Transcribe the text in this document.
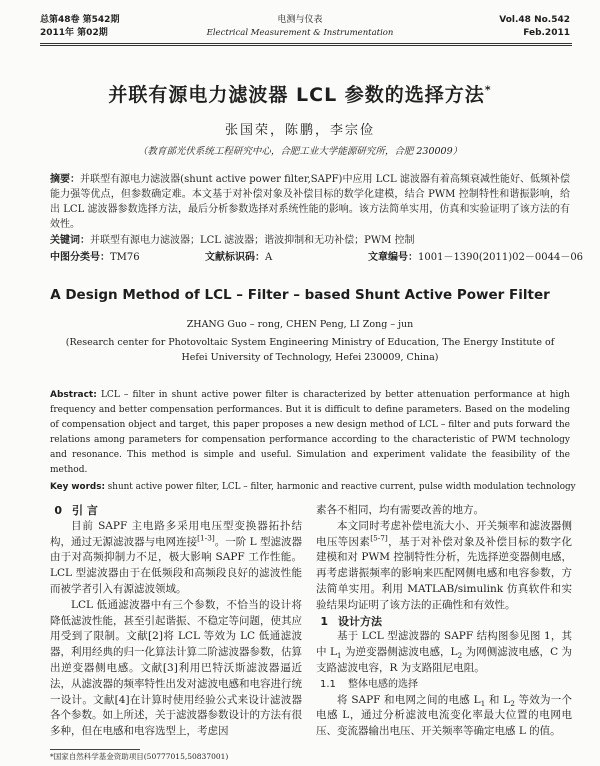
总第48卷 第542期
2011年 第02期
电测与仪表
Electrical Measurement & Instrumentation
Vol.48 No.542
Feb.2011
并联有源电力滤波器 LCL 参数的选择方法*
张国荣，陈鹏，李宗俭
（教育部光伏系统工程研究中心，合肥工业大学能源研究所，合肥 230009）
摘要：并联型有源电力滤波器(shunt active power filter,SAPF)中应用 LCL 滤波器有着高频衰减性能好、低频补偿能力强等优点，但参数确定难。本文基于对补偿对象及补偿目标的数学化建模，结合 PWM 控制特性和谐振影响，给出 LCL 滤波器参数选择方法，最后分析参数选择对系统性能的影响。该方法简单实用，仿真和实验证明了该方法的有效性。
关键词：并联型有源电力滤波器；LCL 滤波器；谐波抑制和无功补偿；PWM 控制
中图分类号：TM76	文献标识码：A	文章编号：1001－1390(2011)02－0044－06
A Design Method of LCL – Filter – based Shunt Active Power Filter
ZHANG Guo – rong, CHEN Peng, LI Zong – jun
(Research center for Photovoltaic System Engineering Ministry of Education, The Energy Institute of Hefei University of Technology, Hefei 230009, China)
Abstract: LCL – filter in shunt active power filter is characterized by better attenuation performance at high frequency and better compensation performances. But it is difficult to define parameters. Based on the modeling of compensation object and target, this paper proposes a new design method of LCL – filter and puts forward the relations among parameters for compensation performance according to the characteristic of PWM technology and resonance. This method is simple and useful. Simulation and experiment validate the feasibility of the method.
Key words: shunt active power filter, LCL – filter, harmonic and reactive current, pulse width modulation technology
0 引 言

目前 SAPF 主电路多采用电压型变换器拓扑结构，通过无源滤波器与电网连接[1-3]。一阶 L 型滤波器由于对高频抑制力不足，极大影响 SAPF 工作性能。LCL 型滤波器由于在低频段和高频段良好的滤波性能而被学者引入有源滤波领域。

LCL 低通滤波器中有三个参数，不恰当的设计将降低滤波性能，甚至引起谐振、不稳定等问题，使其应用受到了限制。文献[2]将 LCL 等效为 LC 低通滤波器，利用经典的归一化算法计算二阶滤波器参数，估算出逆变器侧电感。文献[3]利用巴特沃斯滤波器逼近法，从滤波器的频率特性出发对滤波电感和电容进行统一设计。文献[4]在计算时使用经验公式来设计滤波器各个参数。如上所述，关于滤波器参数设计的方法有很多种，但在电感和电容选型上，考虑因

素各不相同，均有需要改善的地方。

本文同时考虑补偿电流大小、开关频率和滤波器侧电压等因素[5-7]，基于对补偿对象及补偿目标的数字化建模和对 PWM 控制特性分析，先选择逆变器侧电感，再考虑谐振频率的影响来匹配网侧电感和电容参数，方法简单实用。利用 MATLAB/simulink 仿真软件和实验结果均证明了该方法的正确性和有效性。

1 设计方法

基于 LCL 型滤波器的 SAPF 结构图参见图 1，其中 $L_1$ 为逆变器侧滤波电感，$L_2$ 为网侧滤波电感，C 为支路滤波电容，R 为支路阻尼电阻。

1.1 整体电感的选择

将 SAPF 和电网之间的电感 $L_1$ 和 $L_2$ 等效为一个电感 L，通过分析滤波电流变化率最大位置的电网电压、变流器输出电压、开关频率等确定电感 L 的值。

*国家自然科学基金资助项目(50777015,50837001)
